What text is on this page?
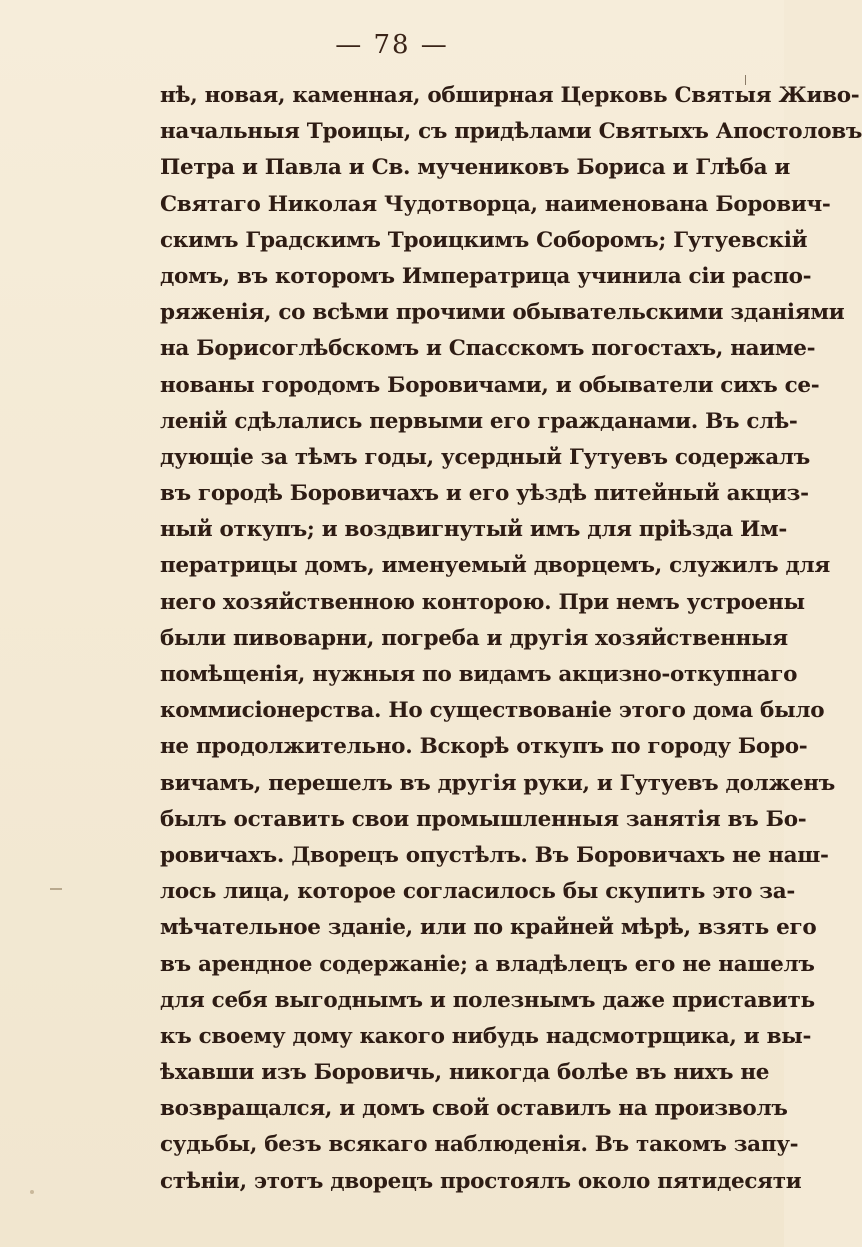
— 78 —
нѣ, новая, каменная, обширная Церковь Святыя Живо-
начальныя Троицы, съ придѣлами Святыхъ Апостоловъ
Петра и Павла и Св. мучениковъ Бориса и Глѣба и
Святаго Николая Чудотворца, наименована Борович-
скимъ Градскимъ Троицкимъ Соборомъ; Гутуевскій
домъ, въ которомъ Императрица учинила сіи распо-
ряженія, со всѣми прочими обывательскими зданіями
на Борисоглѣбскомъ и Спасскомъ погостахъ, наиме-
нованы городомъ Боровичами, и обыватели сихъ се-
леній сдѣлались первыми его гражданами. Въ слѣ-
дующіе за тѣмъ годы, усердный Гутуевъ содержалъ
въ городѣ Боровичахъ и его уѣздѣ питейный акциз-
ный откупъ; и воздвигнутый имъ для пріѣзда Им-
ператрицы домъ, именуемый дворцемъ, служилъ для
него хозяйственною конторою. При немъ устроены
были пивоварни, погреба и другія хозяйственныя
помѣщенія, нужныя по видамъ акцизно-откупнаго
коммисіонерства. Но существованіе этого дома было
не продолжительно. Вскорѣ откупъ по городу Боро-
вичамъ, перешелъ въ другія руки, и Гутуевъ долженъ
былъ оставить свои промышленныя занятія въ Бо-
ровичахъ. Дворецъ опустѣлъ. Въ Боровичахъ не наш-
лось лица, которое согласилось бы скупить это за-
мѣчательное зданіе, или по крайней мѣрѣ, взять его
въ арендное содержаніе; а владѣлецъ его не нашелъ
для себя выгоднымъ и полезнымъ даже приставить
къ своему дому какого нибудь надсмотрщика, и вы-
ѣхавши изъ Боровичь, никогда болѣе въ нихъ не
возвращался, и домъ свой оставилъ на произволъ
судьбы, безъ всякаго наблюденія. Въ такомъ запу-
стѣніи, этотъ дворецъ простоялъ около пятидесяти
